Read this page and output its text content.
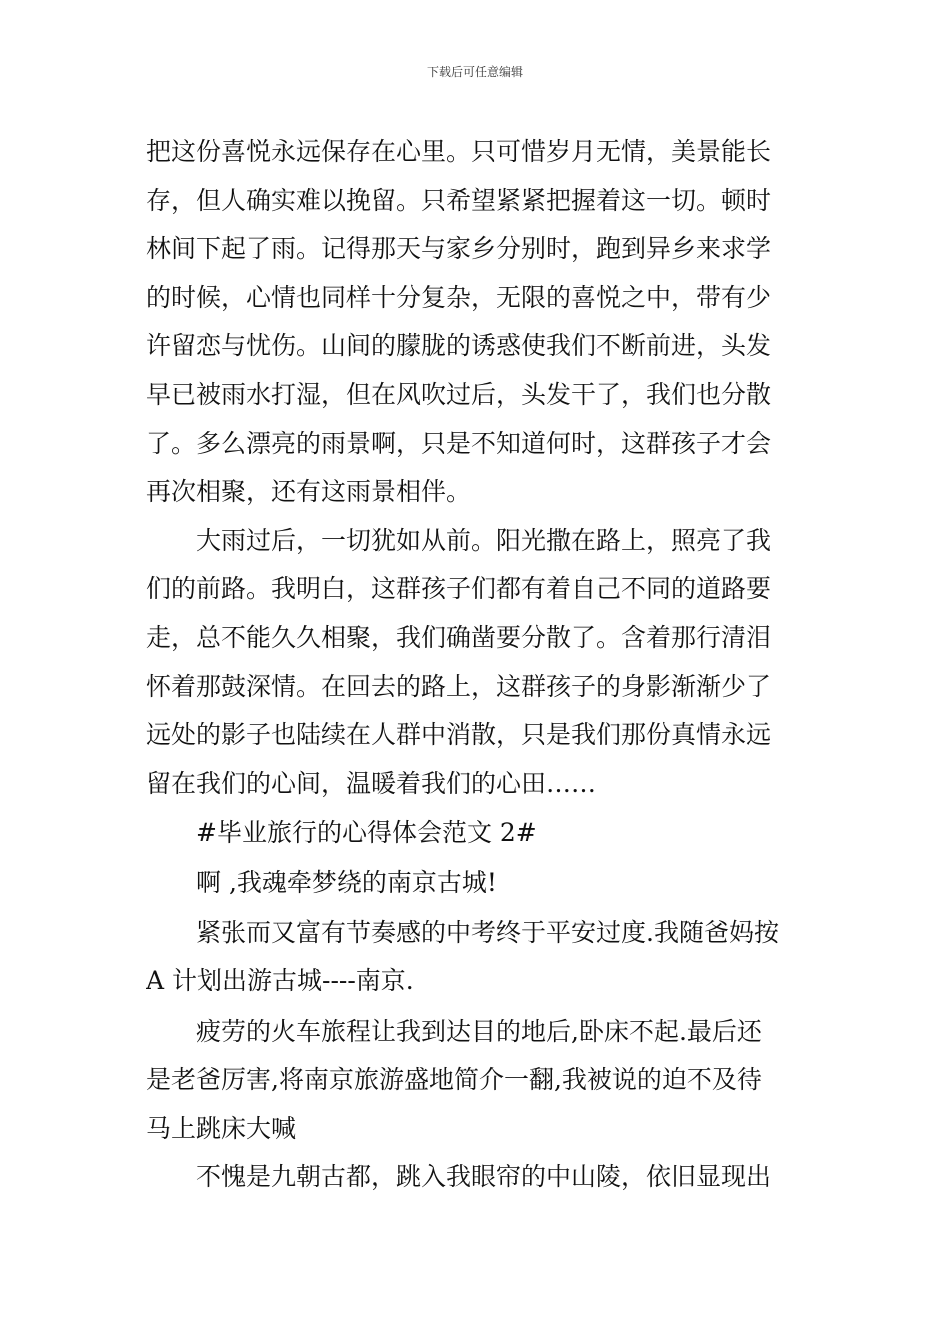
下载后可任意编辑
把这份喜悦永远保存在心里。只可惜岁月无情，美景能长
存，但人确实难以挽留。只希望紧紧把握着这一切。顿时
林间下起了雨。记得那天与家乡分别时，跑到异乡来求学
的时候，心情也同样十分复杂，无限的喜悦之中，带有少
许留恋与忧伤。山间的朦胧的诱惑使我们不断前进，头发
早已被雨水打湿，但在风吹过后，头发干了，我们也分散
了。多么漂亮的雨景啊，只是不知道何时，这群孩子才会
再次相聚，还有这雨景相伴。
大雨过后，一切犹如从前。阳光撒在路上，照亮了我
们的前路。我明白，这群孩子们都有着自己不同的道路要
走，总不能久久相聚，我们确凿要分散了。含着那行清泪
怀着那鼓深情。在回去的路上，这群孩子的身影渐渐少了
远处的影子也陆续在人群中消散，只是我们那份真情永远
留在我们的心间，温暖着我们的心田……
#毕业旅行的心得体会范文 2#
啊 ,我魂牵梦绕的南京古城!
紧张而又富有节奏感的中考终于平安过度.我随爸妈按
A 计划出游古城----南京.
疲劳的火车旅程让我到达目的地后,卧床不起.最后还
是老爸厉害,将南京旅游盛地简介一翻,我被说的迫不及待
马上跳床大喊
不愧是九朝古都，跳入我眼帘的中山陵，依旧显现出
